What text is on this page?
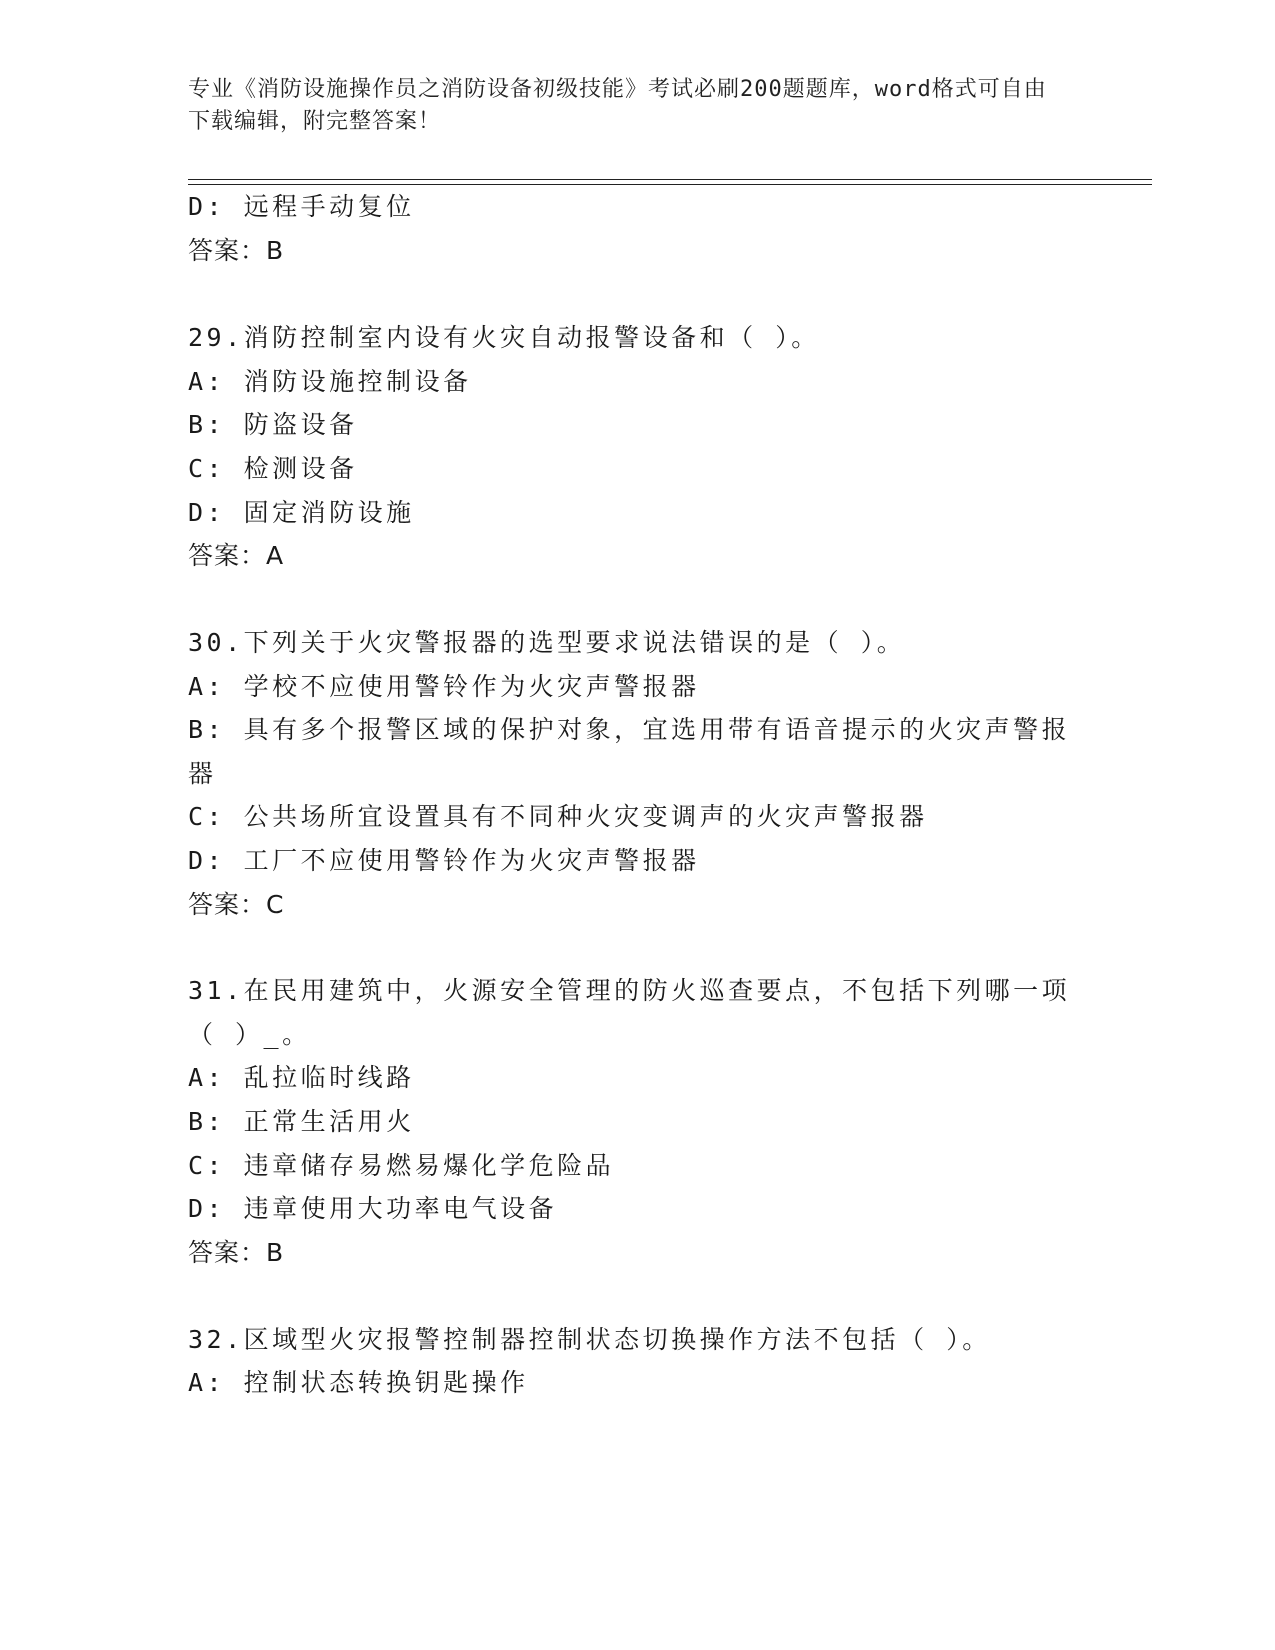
专业《消防设施操作员之消防设备初级技能》考试必刷200题题库，word格式可自由下载编辑，附完整答案！
D: 远程手动复位
答案：B
29.消防控制室内设有火灾自动报警设备和（ ）。
A: 消防设施控制设备
B: 防盗设备
C: 检测设备
D: 固定消防设施
答案：A
30.下列关于火灾警报器的选型要求说法错误的是（ ）。
A: 学校不应使用警铃作为火灾声警报器
B: 具有多个报警区域的保护对象，宜选用带有语音提示的火灾声警报
器
C: 公共场所宜设置具有不同种火灾变调声的火灾声警报器
D: 工厂不应使用警铃作为火灾声警报器
答案：C
31.在民用建筑中，火源安全管理的防火巡查要点，不包括下列哪一项
（ ）_。
A: 乱拉临时线路
B: 正常生活用火
C: 违章储存易燃易爆化学危险品
D: 违章使用大功率电气设备
答案：B
32.区域型火灾报警控制器控制状态切换操作方法不包括（ ）。
A: 控制状态转换钥匙操作
